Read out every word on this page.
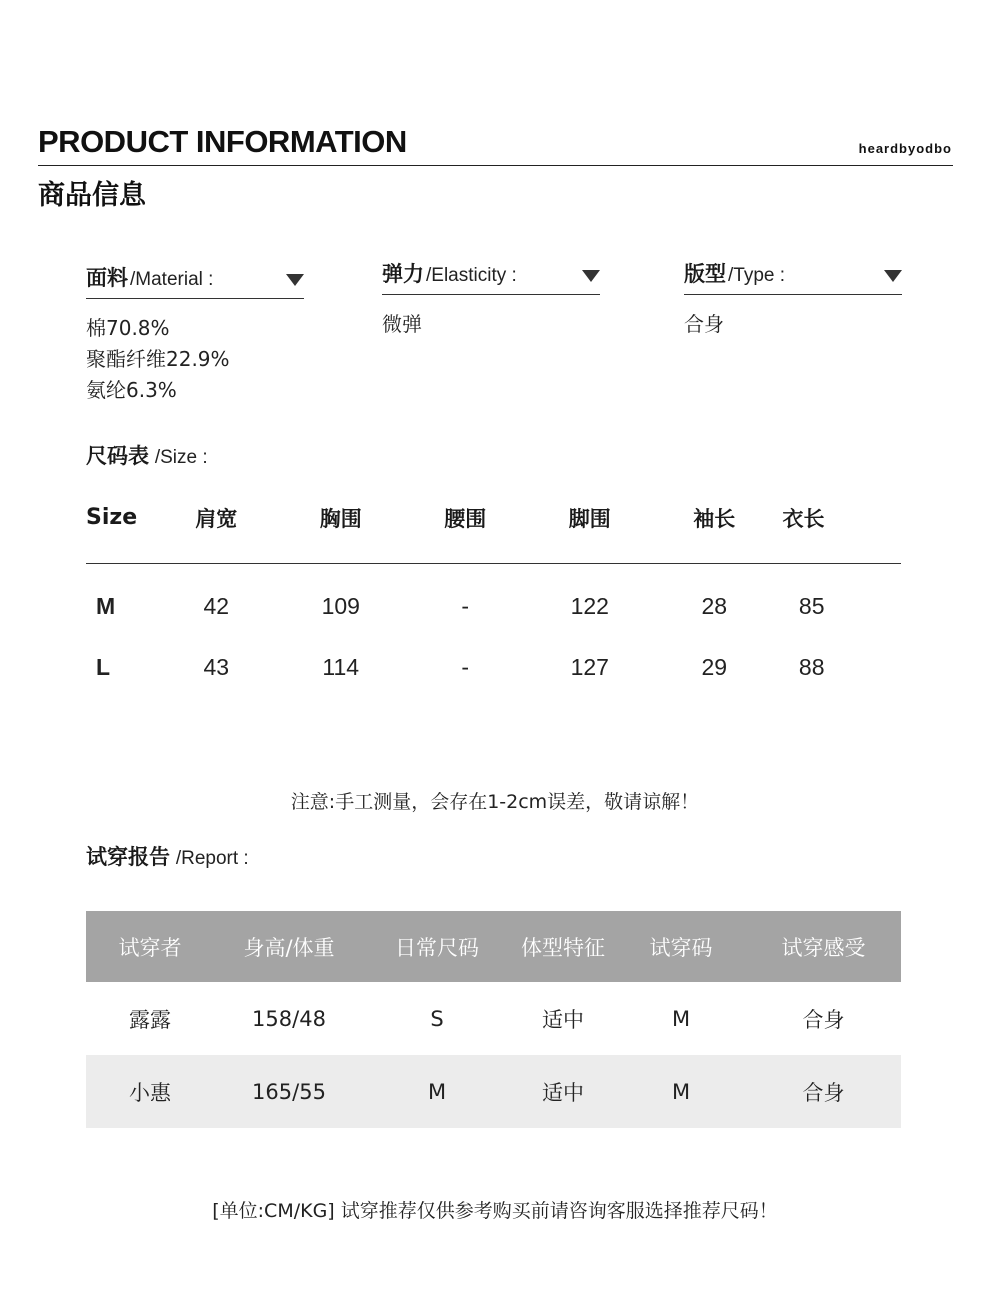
PRODUCT INFORMATION	heardbyodbo
商品信息
面料 /Material :
棉70.8%
聚酯纤维22.9%
氨纶6.3%
弹力 /Elasticity :
微弹
版型 /Type :
合身
尺码表 /Size :
Size	肩宽	胸围	腰围	脚围	袖长	衣长
M	42	109	-	122	28	85
L	43	114	-	127	29	88
注意:手工测量，会存在1-2cm误差，敬请谅解！
试穿报告 /Report :
试穿者	身高/体重	日常尺码	体型特征	试穿码	试穿感受
露露	158/48	S	适中	M	合身
小惠	165/55	M	适中	M	合身
[单位:CM/KG] 试穿推荐仅供参考购买前请咨询客服选择推荐尺码！
